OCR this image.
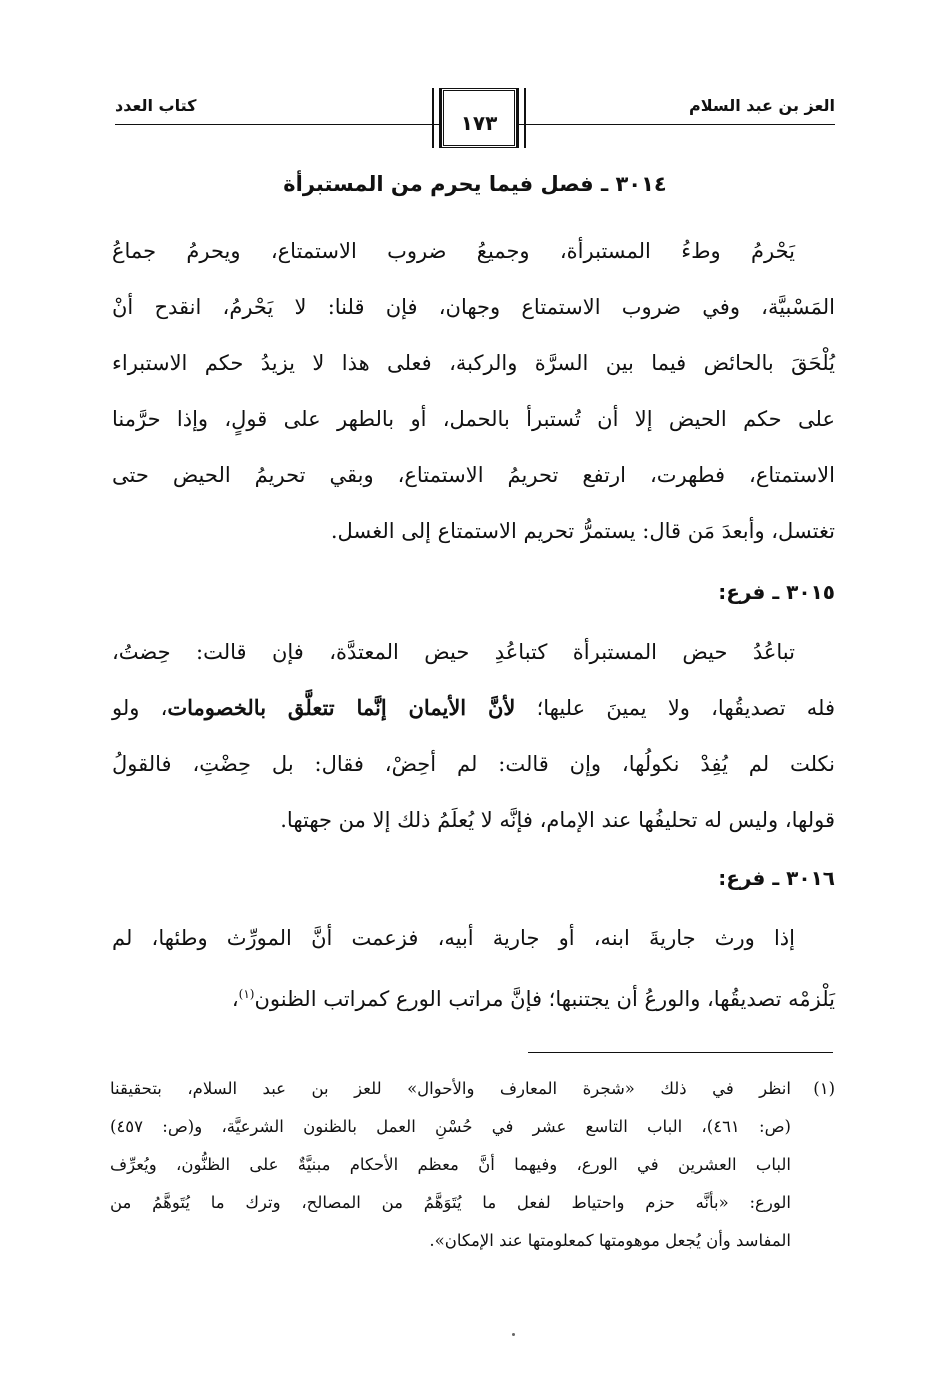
العز بن عبد السلام
كتاب العدد
١٧٣
٣٠١٤ ـ فصل فيما يحرم من المستبرأة

يَحْرمُ وطءُ المستبرأة، وجميعُ ضروب الاستمتاع، ويحرمُ جماعُ
المَسْبيَّة، وفي ضروب الاستمتاع وجهان، فإن قلنا: لا يَحْرمُ، انقدح أنْ
يُلْحَقَ بالحائض فيما بين السرَّة والركبة، فعلى هذا لا يزيدُ حكم الاستبراء
على حكم الحيض إلا أن تُستبرأ بالحمل، أو بالطهر على قولٍ، وإذا حرَّمنا
الاستمتاع، فطهرت، ارتفع تحريمُ الاستمتاع، وبقي تحريمُ الحيض حتى
تغتسل، وأبعدَ مَن قال: يستمرُّ تحريم الاستمتاع إلى الغسل.

٣٠١٥ ـ فرع:

تباعُدُ حيض المستبرأة كتباعُدِ حيض المعتدَّة، فإن قالت: حِضتُ،
فله تصديقُها، ولا يمينَ عليها؛ لأنَّ الأيمان إنَّما تتعلَّق بالخصومات، ولو
نكلت لم يُفِدْ نكولُها، وإن قالت: لم أحِضْ، فقال: بل حِضْتِ، فالقولُ
قولها، وليس له تحليفُها عند الإمام، فإنَّه لا يُعلَمُ ذلك إلا من جهتها.

٣٠١٦ ـ فرع:

إذا ورث جاريةَ ابنه، أو جارية أبيه، فزعمت أنَّ المورِّث وطئها، لم
يَلْزمْه تصديقُها، والورعُ أن يجتنبها؛ فإنَّ مراتب الورع كمراتب الظنون$^{(١)}$،

(١)
انظر في ذلك «شجرة المعارف والأحوال» للعز بن عبد السلام، بتحقيقنا
(ص: ٤٦١)، الباب التاسع عشر في حُسْنِ العمل بالظنون الشرعيَّة، و(ص: ٤٥٧)
الباب العشرين في الورع، وفيهما أنَّ معظم الأحكام مبنيَّةٌ على الظنُّون، ويُعرِّف
الورع: «بأنَّه حزم واحتياط لفعل ما يُتَوَهَّمُ من المصالح، وترك ما يُتَوهَّمُ من
المفاسد وأن يُجعل موهومتها كمعلومتها عند الإمكان».
